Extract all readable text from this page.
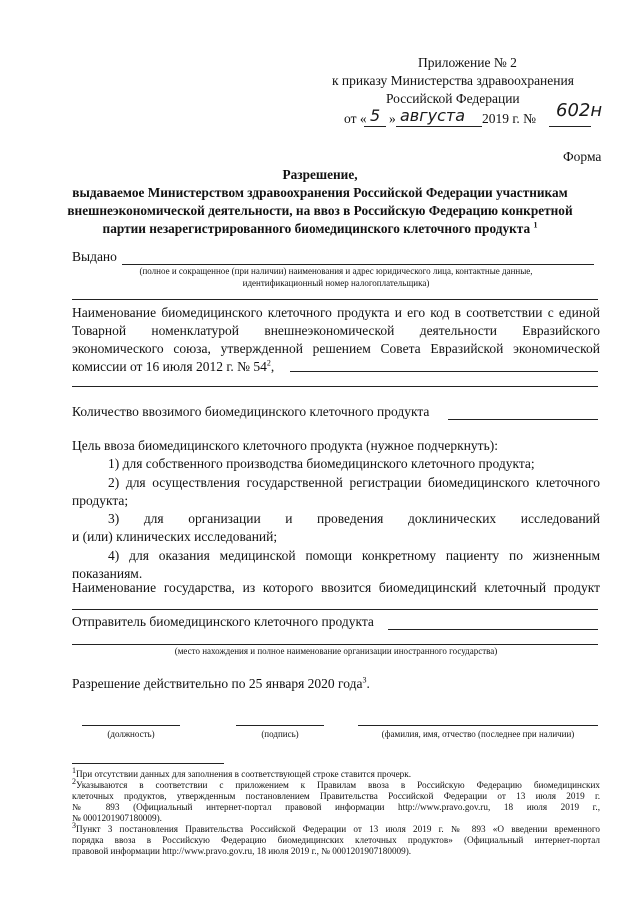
Приложение № 2
к приказу Министерства здравоохранения
Российской Федерации
от « 5 » августа 2019 г. № 602н
Форма
Разрешение,
выдаваемое Министерством здравоохранения Российской Федерации участникам
внешнеэкономической деятельности, на ввоз в Российскую Федерацию конкретной
партии незарегистрированного биомедицинского клеточного продукта $^1$
Выдано
(полное и сокращенное (при наличии) наименования и адрес юридического лица, контактные данные,
идентификационный номер налогоплательщика)
Наименование биомедицинского клеточного продукта и его код в соответствии с единой
Товарной номенклатурой внешнеэкономической деятельности Евразийского
экономического союза, утвержденной решением Совета Евразийской экономической
комиссии от 16 июля 2012 г. № $54^2$,
Количество ввозимого биомедицинского клеточного продукта
Цель ввоза биомедицинского клеточного продукта (нужное подчеркнуть):
1) для собственного производства биомедицинского клеточного продукта;
2) для осуществления государственной регистрации биомедицинского клеточного
продукта;
3) для организации и проведения доклинических исследований
и (или) клинических исследований;
4) для оказания медицинской помощи конкретному пациенту по жизненным
показаниям.
Наименование государства, из которого ввозится биомедицинский клеточный продукт
Отправитель биомедицинского клеточного продукта
(место нахождения и полное наименование организации иностранного государства)
Разрешение действительно по 25 января 2020 года$^3$.
(должность)	(подпись)	(фамилия, имя, отчество (последнее при наличии)
$^1$При отсутствии данных для заполнения в соответствующей строке ставится прочерк.
$^2$Указываются в соответствии с приложением к Правилам ввоза в Российскую Федерацию биомедицинских
клеточных продуктов, утвержденным постановлением Правительства Российской Федерации от 13 июля 2019 г.
№ 893 (Официальный интернет-портал правовой информации http://www.pravo.gov.ru, 18 июля 2019 г.,
№ 0001201907180009).
$^3$Пункт 3 постановления Правительства Российской Федерации от 13 июля 2019 г. № 893 «О введении временного
порядка ввоза в Российскую Федерацию биомедицинских клеточных продуктов» (Официальный интернет-портал
правовой информации http://www.pravo.gov.ru, 18 июля 2019 г., № 0001201907180009).
